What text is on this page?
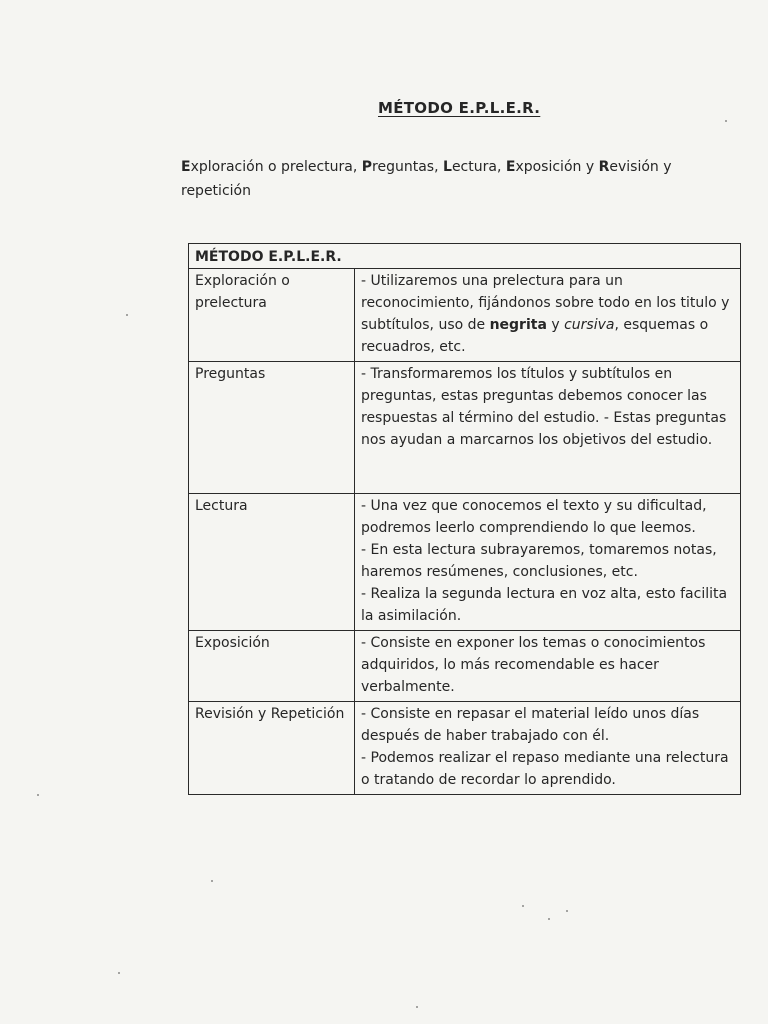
MÉTODO E.P.L.E.R.
Exploración o prelectura, Preguntas, Lectura, Exposición y Revisión y repetición
MÉTODO E.P.L.E.R.	
Exploración o prelectura	- Utilizaremos una prelectura para un reconocimiento, fijándonos sobre todo en los titulo y subtítulos, uso de negrita y cursiva, esquemas o recuadros, etc.
Preguntas	- Transformaremos los títulos y subtítulos en preguntas, estas preguntas debemos conocer las respuestas al término del estudio. - Estas preguntas nos ayudan a marcarnos los objetivos del estudio.

Lectura	- Una vez que conocemos el texto y su dificultad, podremos leerlo comprendiendo lo que leemos.
- En esta lectura subrayaremos, tomaremos notas, haremos resúmenes, conclusiones, etc.
- Realiza la segunda lectura en voz alta, esto facilita la asimilación.

Exposición	- Consiste en exponer los temas o conocimientos adquiridos, lo más recomendable es hacer verbalmente.

Revisión y Repetición	- Consiste en repasar el material leído unos días después de haber trabajado con él.
- Podemos realizar el repaso mediante una relectura o tratando de recordar lo aprendido.
